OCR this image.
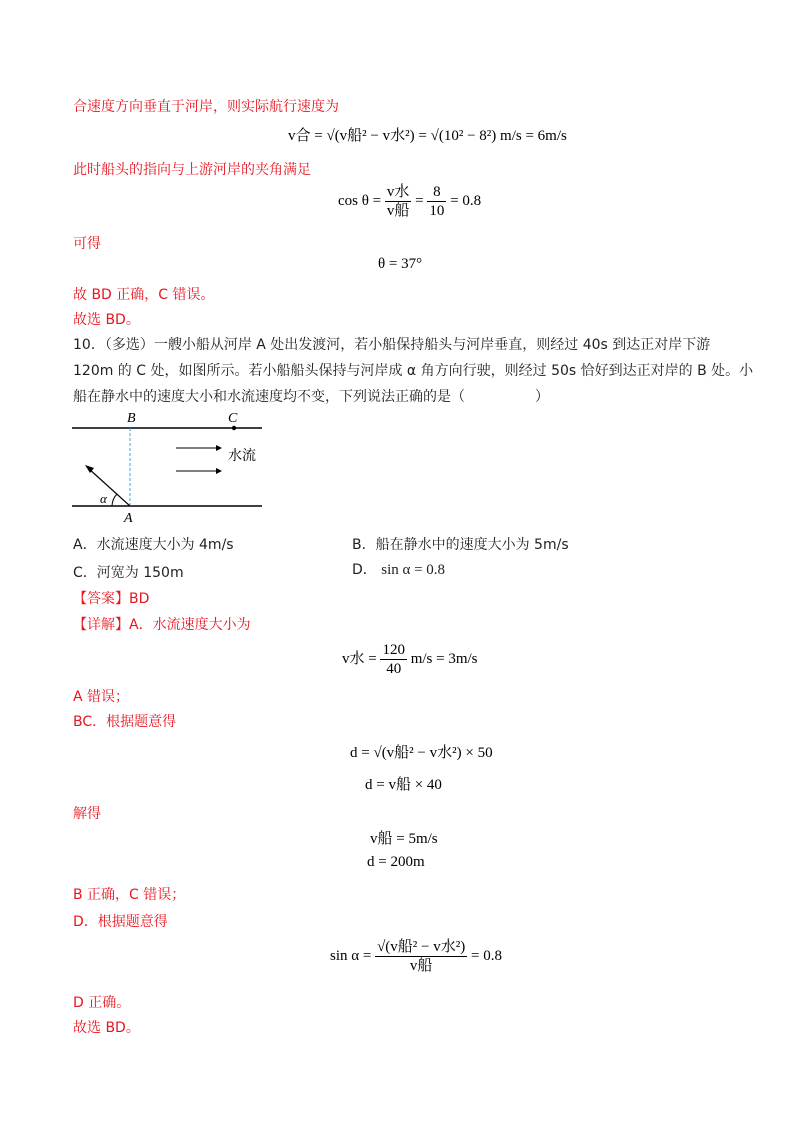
合速度方向垂直于河岸，则实际航行速度为
v合 = √(v船² − v水²) = √(10² − 8²) m/s = 6m/s
此时船头的指向与上游河岸的夹角满足
$\cos \theta = \frac{\text{v水}}{\text{v船}} = \frac{8}{10} = 0.8$
可得
θ = 37°
故 BD 正确，C 错误。
故选 BD。
10．（多选）一艘小船从河岸 A 处出发渡河，若小船保持船头与河岸垂直，则经过 40s 到达正对岸下游
120m 的 C 处，如图所示。若小船船头保持与河岸成 α 角方向行驶，则经过 50s 恰好到达正对岸的 B 处。小
船在静水中的速度大小和水流速度均不变，下列说法正确的是（　　　　　）
B	C
A
α
水流
A．水流速度大小为 4m/s	B．船在静水中的速度大小为 5m/s
C．河宽为 150m	D． sin α = 0.8
【答案】BD
【详解】A．水流速度大小为
v水 = $\frac{120}{40} m/s = 3m/s$
A 错误；
BC．根据题意得
d = √(v船² − v水²) × 50
d = v船 × 40
解得
v船 = 5m/s
d = 200m
B 正确，C 错误；
D．根据题意得
$\sin \alpha = \frac{\text{√(v船² − v水²)}}{\text{v船}} = 0.8$
D 正确。
故选 BD。
